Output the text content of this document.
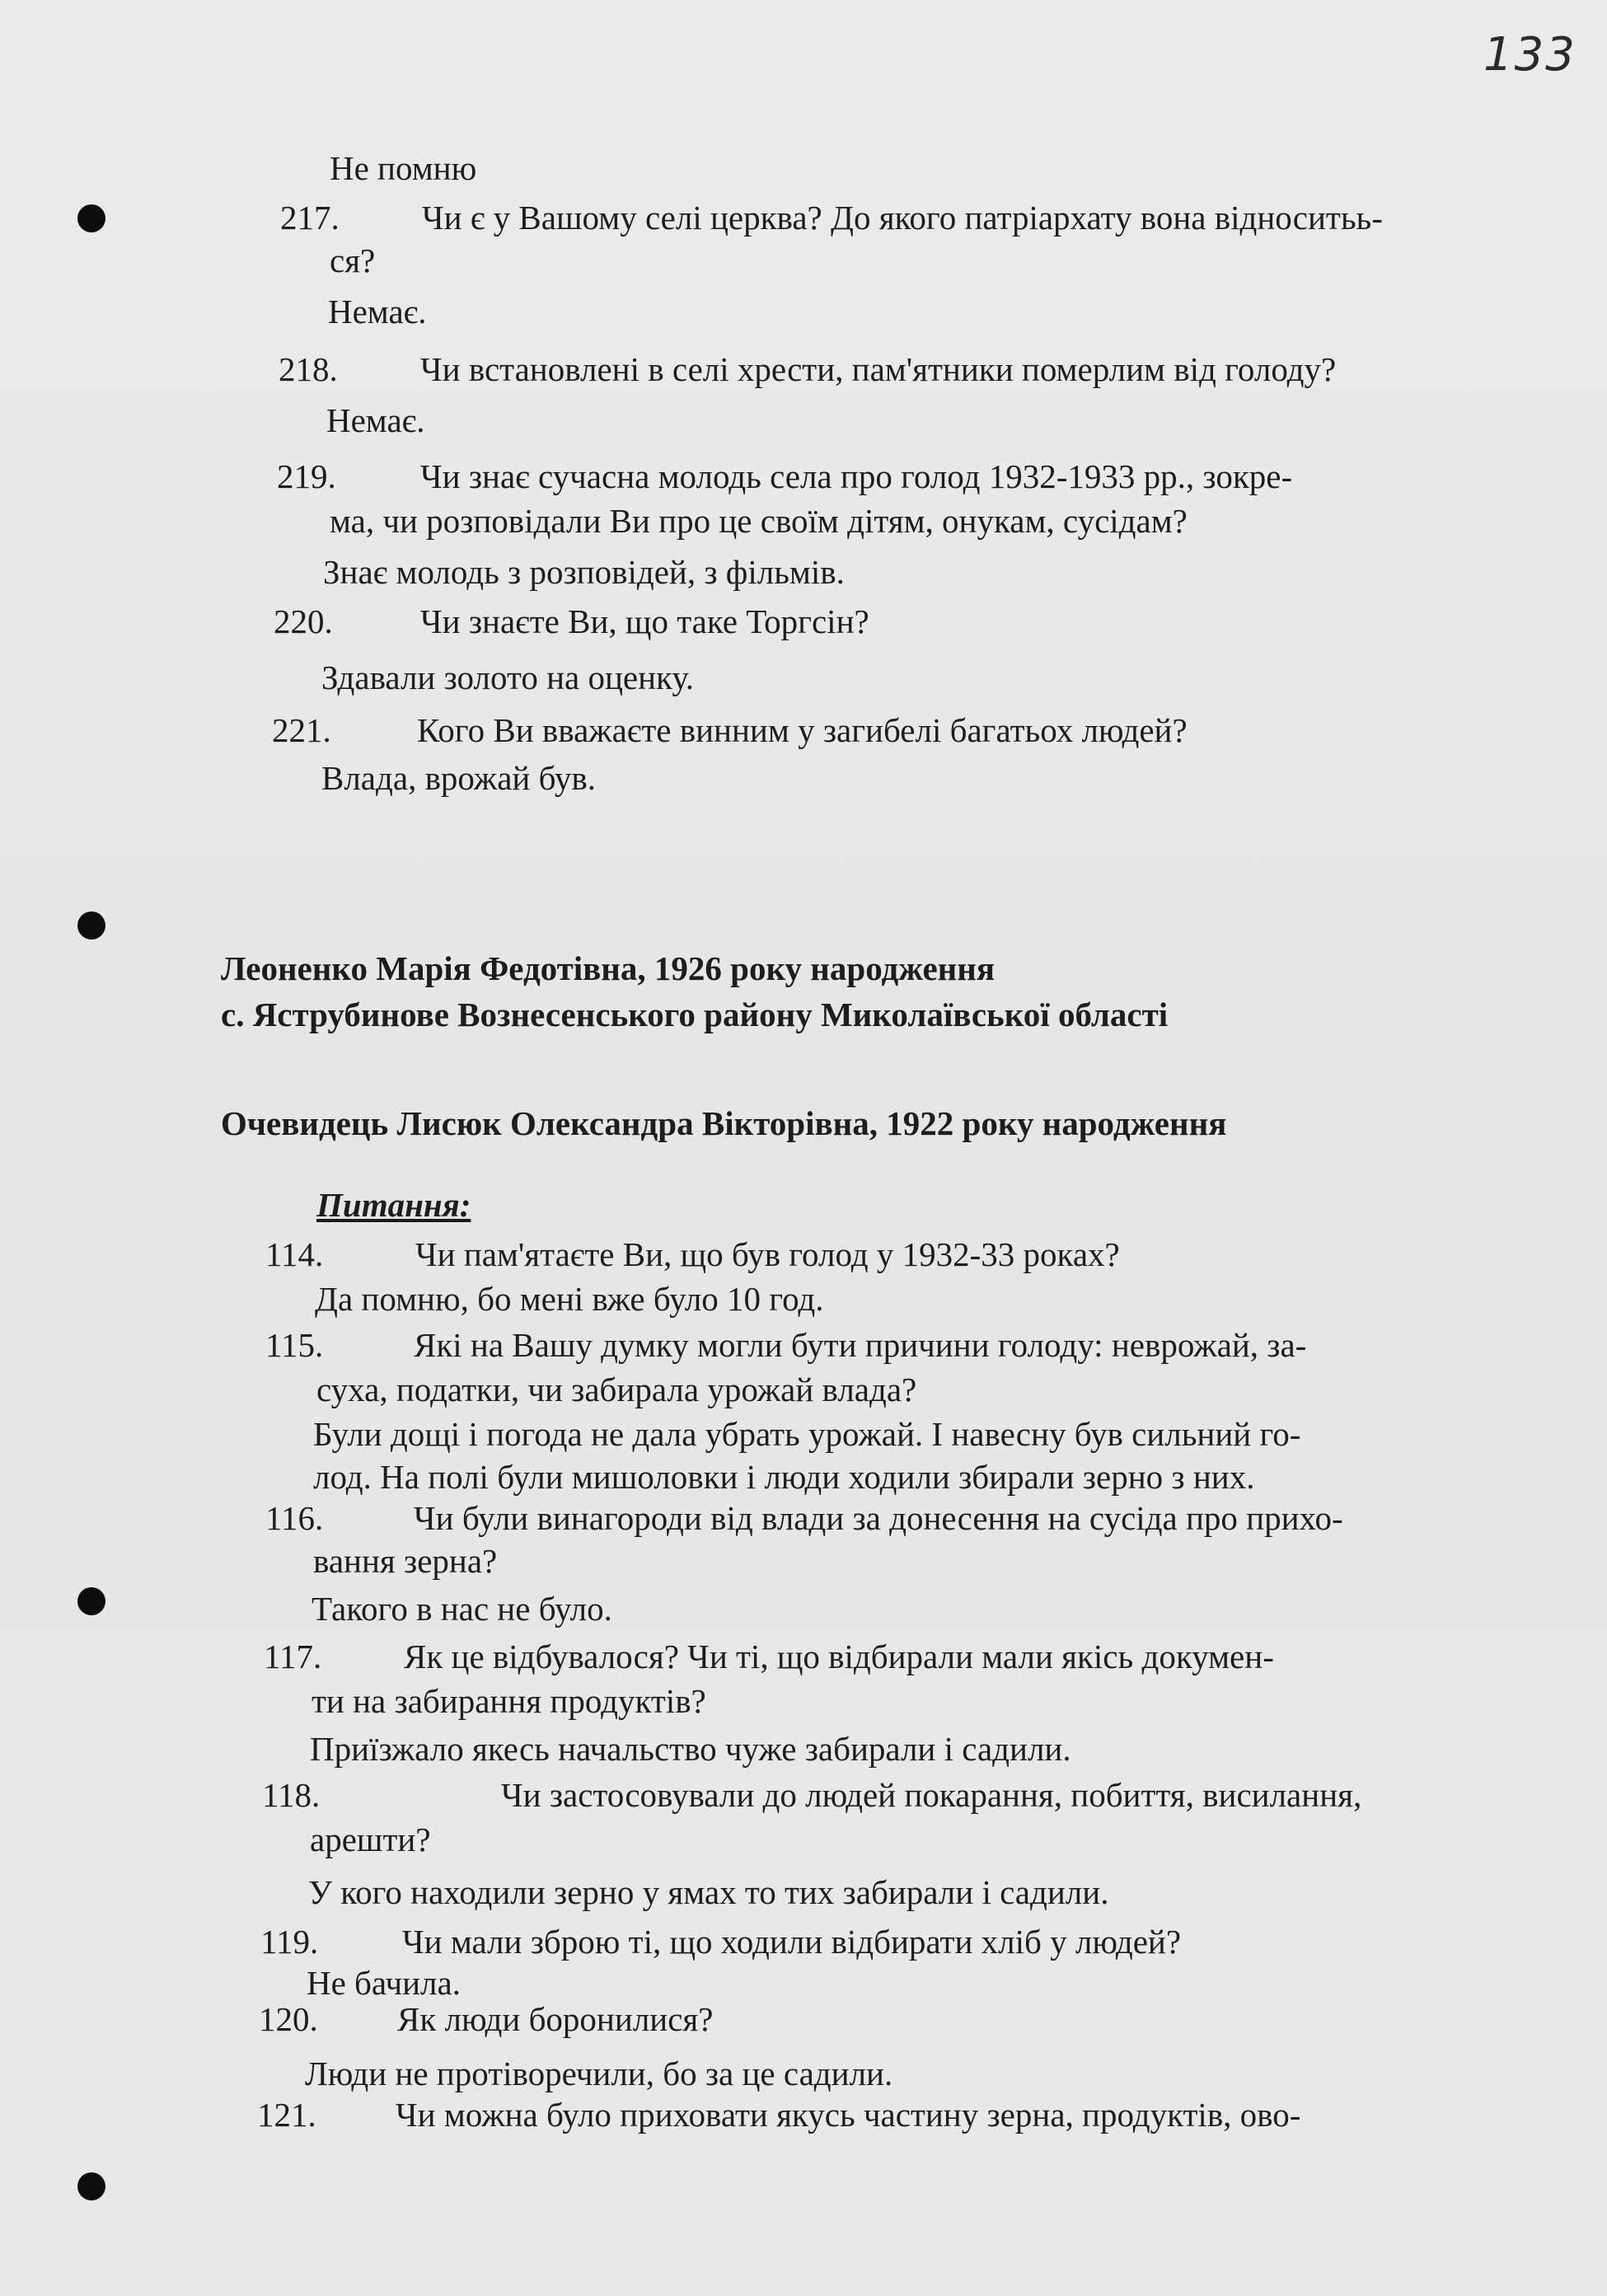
133
Не помню
217. Чи є у Вашому селі церква? До якого патріархату вона відноситьь-
ся?
Немає.
218. Чи встановлені в селі хрести, пам'ятники померлим від голоду?
Немає.
219. Чи знає сучасна молодь села про голод 1932-1933 рр., зокре-
ма, чи розповідали Ви про це своїм дітям, онукам, сусідам?
Знає молодь з розповідей, з фільмів.
220.	Чи знаєте Ви, що таке Торгсін?
Здавали золото на оценку.
221.	Кого Ви вважаєте винним у загибелі багатьох людей?
Влада, врожай був.
Леоненко Марія Федотівна, 1926 року народження
с. Яструбинове Вознесенського району Миколаївської області
Очевидець Лисюк Олександра Вікторівна, 1922 року народження
Питання:
114.	Чи пам'ятаєте Ви, що був голод у 1932-33 роках?
Да помню, бо мені вже було 10 год.
115.	Які на Вашу думку могли бути причини голоду: неврожай, за-
суха, податки, чи забирала урожай влада?
Були дощі і погода не дала убрать урожай. І навесну був сильний го-
лод. На полі були мишоловки і люди ходили збирали зерно з них.
116.	Чи були винагороди від влади за донесення на сусіда про прихо-
вання зерна?
Такого в нас не було.
117. Як це відбувалося? Чи ті, що відбирали мали якісь докумен-
ти на забирання продуктів?
Приїзжало якесь начальство чуже забирали і садили.
118.	Чи застосовували до людей покарання, побиття, висилання,
арешти?
У кого находили зерно у ямах то тих забирали і садили.
119. Чи мали зброю ті, що ходили відбирати хліб у людей?
Не бачила.
120. Як люди боронилися?
Люди не протіворечили, бо за це садили.
121. Чи можна було приховати якусь частину зерна, продуктів, ово-
